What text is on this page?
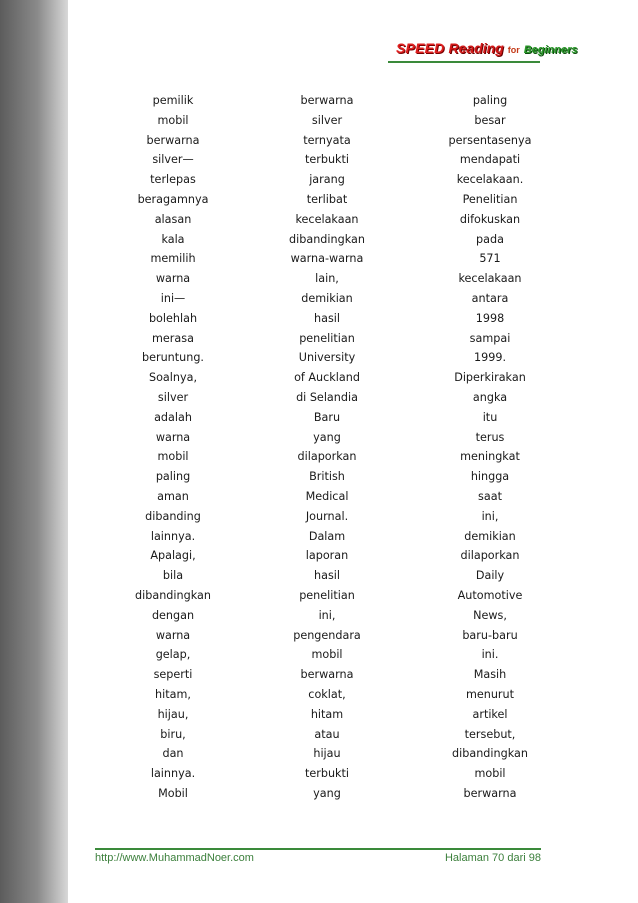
SPEED Reading for Beginners
pemilik
mobil
berwarna
silver—
terlepas
beragamnya
alasan
kala
memilih
warna
ini—
bolehlah
merasa
beruntung.
Soalnya,
silver
adalah
warna
mobil
paling
aman
dibanding
lainnya.
Apalagi,
bila
dibandingkan
dengan
warna
gelap,
seperti
hitam,
hijau,
biru,
dan
lainnya.
Mobil
berwarna
silver
ternyata
terbukti
jarang
terlibat
kecelakaan
dibandingkan
warna-warna
lain,
demikian
hasil
penelitian
University
of Auckland
di Selandia
Baru
yang
dilaporkan
British
Medical
Journal.
Dalam
laporan
hasil
penelitian
ini,
pengendara
mobil
berwarna
coklat,
hitam
atau
hijau
terbukti
yang
paling
besar
persentasenya
mendapati
kecelakaan.
Penelitian
difokuskan
pada
571
kecelakaan
antara
1998
sampai
1999.
Diperkirakan
angka
itu
terus
meningkat
hingga
saat
ini,
demikian
dilaporkan
Daily
Automotive
News,
baru-baru
ini.
Masih
menurut
artikel
tersebut,
dibandingkan
mobil
berwarna
http://www.MuhammadNoer.com	Halaman 70 dari 98
